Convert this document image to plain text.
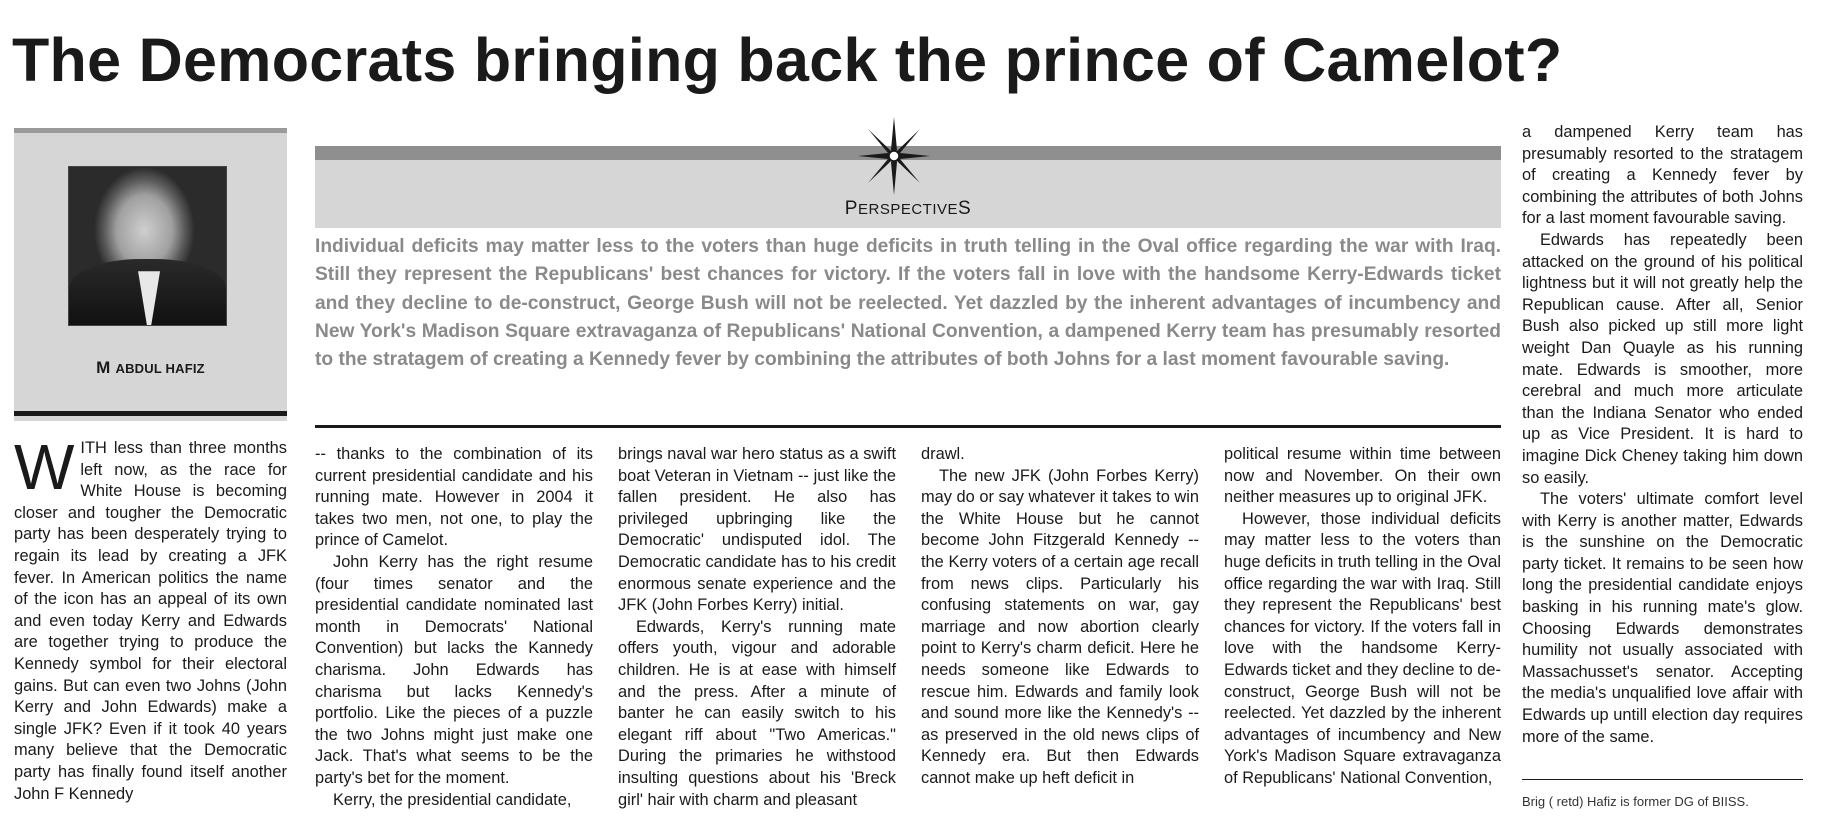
The Democrats bringing back the prince of Camelot?
M ABDUL HAFIZ
PERSPECTIVES
Individual deficits may matter less to the voters than huge deficits in truth telling in the Oval office regarding the war with Iraq. Still they represent the Republicans' best chances for victory. If the voters fall in love with the handsome Kerry-Edwards ticket and they decline to de-construct, George Bush will not be reelected. Yet dazzled by the inherent advantages of incumbency and New York's Madison Square extravaganza of Republicans' National Convention, a dampened Kerry team has presumably resorted to the stratagem of creating a Kennedy fever by combining the attributes of both Johns for a last moment favourable saving.

WITH less than three months left now, as the race for White House is becoming closer and tougher the Democratic party has been desperately trying to regain its lead by creating a JFK fever. In American politics the name of the icon has an appeal of its own and even today Kerry and Edwards are together trying to produce the Kennedy symbol for their electoral gains. But can even two Johns (John Kerry and John Edwards) make a single JFK? Even if it took 40 years many believe that the Democratic party has finally found itself another John F Kennedy

-- thanks to the combination of its current presidential candidate and his running mate. However in 2004 it takes two men, not one, to play the prince of Camelot.

John Kerry has the right resume (four times senator and the presidential candidate nominated last month in Democrats' National Convention) but lacks the Kannedy charisma. John Edwards has charisma but lacks Kennedy's portfolio. Like the pieces of a puzzle the two Johns might just make one Jack. That's what seems to be the party's bet for the moment.

Kerry, the presidential candidate,

brings naval war hero status as a swift boat Veteran in Vietnam -- just like the fallen president. He also has privileged upbringing like the Democratic' undisputed idol. The Democratic candidate has to his credit enormous senate experience and the JFK (John Forbes Kerry) initial.

Edwards, Kerry's running mate offers youth, vigour and adorable children. He is at ease with himself and the press. After a minute of banter he can easily switch to his elegant riff about "Two Americas." During the primaries he withstood insulting questions about his 'Breck girl' hair with charm and pleasant

drawl.

The new JFK (John Forbes Kerry) may do or say whatever it takes to win the White House but he cannot become John Fitzgerald Kennedy -- the Kerry voters of a certain age recall from news clips. Particularly his confusing statements on war, gay marriage and now abortion clearly point to Kerry's charm deficit. Here he needs someone like Edwards to rescue him. Edwards and family look and sound more like the Kennedy's -- as preserved in the old news clips of Kennedy era. But then Edwards cannot make up heft deficit in

political resume within time between now and November. On their own neither measures up to original JFK.

However, those individual deficits may matter less to the voters than huge deficits in truth telling in the Oval office regarding the war with Iraq. Still they represent the Republicans' best chances for victory. If the voters fall in love with the handsome Kerry-Edwards ticket and they decline to de-construct, George Bush will not be reelected. Yet dazzled by the inherent advantages of incumbency and New York's Madison Square extravaganza of Republicans' National Convention,

a dampened Kerry team has presumably resorted to the stratagem of creating a Kennedy fever by combining the attributes of both Johns for a last moment favourable saving.

Edwards has repeatedly been attacked on the ground of his political lightness but it will not greatly help the Republican cause. After all, Senior Bush also picked up still more light weight Dan Quayle as his running mate. Edwards is smoother, more cerebral and much more articulate than the Indiana Senator who ended up as Vice President. It is hard to imagine Dick Cheney taking him down so easily.

The voters' ultimate comfort level with Kerry is another matter, Edwards is the sunshine on the Democratic party ticket. It remains to be seen how long the presidential candidate enjoys basking in his running mate's glow. Choosing Edwards demonstrates humility not usually associated with Massachusset's senator. Accepting the media's unqualified love affair with Edwards up untill election day requires more of the same.

Brig ( retd) Hafiz is former DG of BIISS.
